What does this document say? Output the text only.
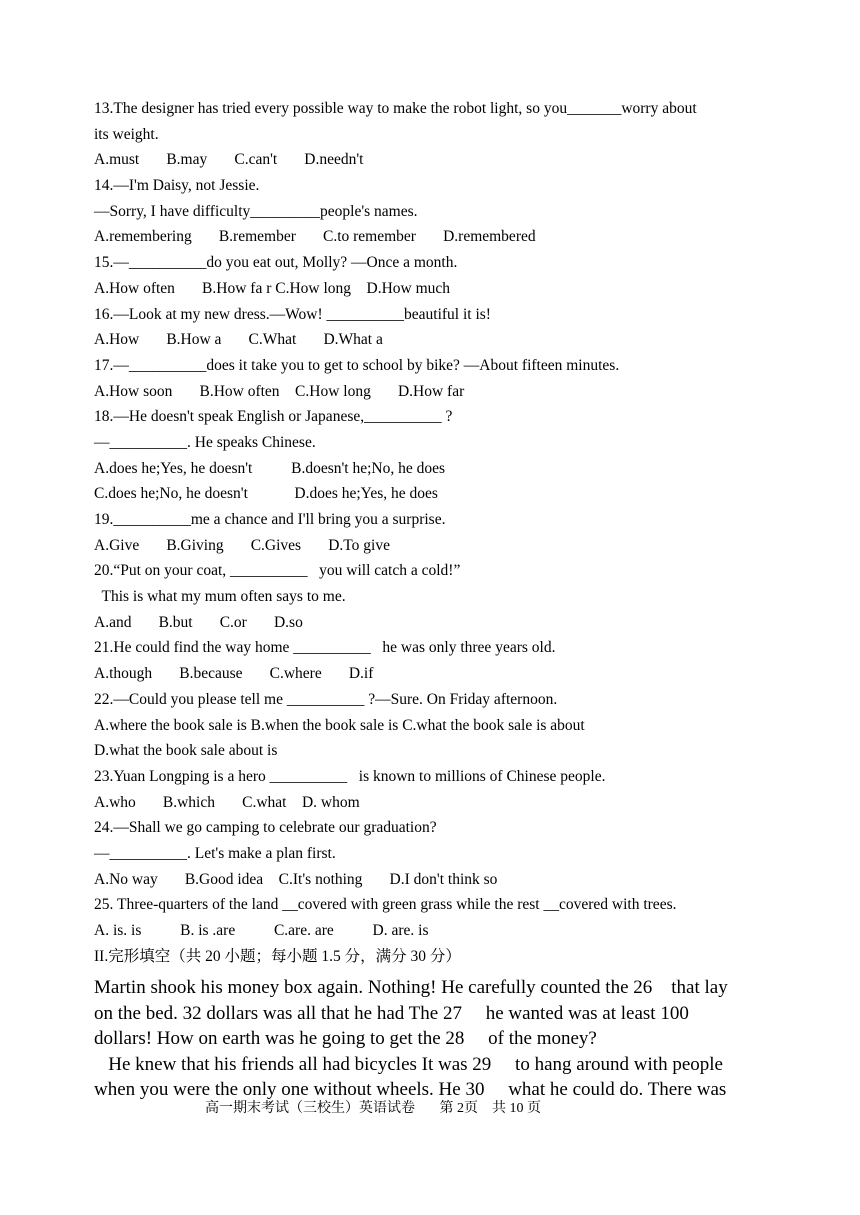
13.The designer has tried every possible way to make the robot light, so you_______worry about
its weight.
A.must       B.may       C.can't       D.needn't
14.—I'm Daisy, not Jessie.
—Sorry, I have difficulty_________people's names.
A.remembering       B.remember       C.to remember       D.remembered
15.—__________do you eat out, Molly? —Once a month.
A.How often       B.How fa r C.How long    D.How much
16.—Look at my new dress.—Wow! __________beautiful it is!
A.How       B.How a       C.What       D.What a
17.—__________does it take you to get to school by bike? —About fifteen minutes.
A.How soon       B.How often    C.How long       D.How far
18.—He doesn't speak English or Japanese,__________ ?
—__________. He speaks Chinese.
A.does he;Yes, he doesn't          B.doesn't he;No, he does
C.does he;No, he doesn't            D.does he;Yes, he does
19.__________me a chance and I'll bring you a surprise.
A.Give       B.Giving       C.Gives       D.To give
20.“Put on your coat, __________   you will catch a cold!”
This is what my mum often says to me.
A.and       B.but       C.or       D.so
21.He could find the way home __________   he was only three years old.
A.though       B.because       C.where       D.if
22.—Could you please tell me __________ ?—Sure. On Friday afternoon.
A.where the book sale is B.when the book sale is C.what the book sale is about
D.what the book sale about is
23.Yuan Longping is a hero __________   is known to millions of Chinese people.
A.who       B.which       C.what    D. whom
24.—Shall we go camping to celebrate our graduation?
—__________. Let's make a plan first.
A.No way       B.Good idea    C.It's nothing       D.I don't think so
25. Three-quarters of the land __covered with green grass while the rest __covered with trees.
A. is. is          B. is .are          C.are. are          D. are. is
II.完形填空（共 20 小题；每小题 1.5 分，满分 30 分）
Martin shook his money box again. Nothing! He carefully counted the 26    that lay
on the bed. 32 dollars was all that he had The 27     he wanted was at least 100
dollars! How on earth was he going to get the 28     of the money?
He knew that his friends all had bicycles It was 29     to hang around with people
when you were the only one without wheels. He 30     what he could do. There was
高一期末考试（三校生）英语试卷       第 2页    共 10 页
